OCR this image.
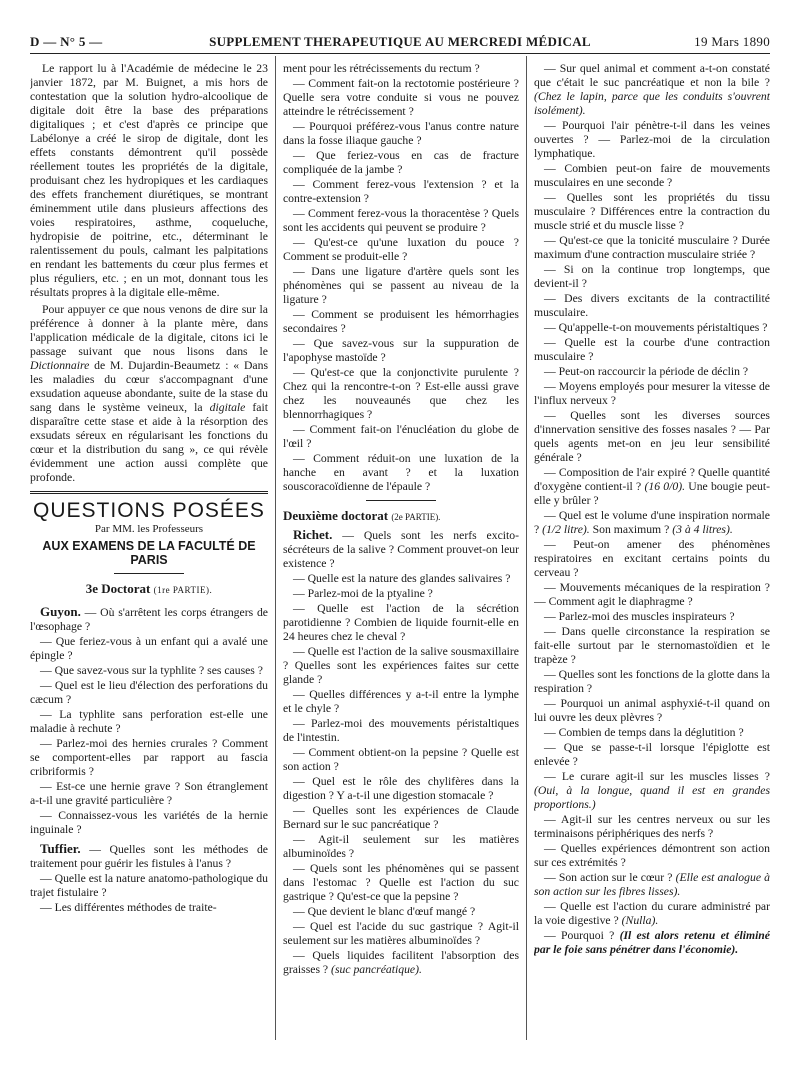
D — N° 5 —	SUPPLEMENT THERAPEUTIQUE AU MERCREDI MÉDICAL	19 Mars 1890

Le rapport lu à l'Académie de médecine le 23 janvier 1872, par M. Buignet, a mis hors de contestation que la solution hydro-alcoolique de digitale doit être la base des préparations digitaliques ; et c'est d'après ce principe que Labélonye a créé le sirop de digitale, dont les effets constants démontrent qu'il possède réellement toutes les propriétés de la digitale, produisant chez les hydropiques et les cardiaques des effets franchement diurétiques, se montrant éminemment utile dans plusieurs affections des voies respiratoires, asthme, coqueluche, hydropisie de poitrine, etc., déterminant le ralentissement du pouls, calmant les palpitations en rendant les battements du cœur plus fermes et plus réguliers, etc. ; en un mot, donnant tous les résultats propres à la digitale elle-même.

Pour appuyer ce que nous venons de dire sur la préférence à donner à la plante mère, dans l'application médicale de la digitale, citons ici le passage suivant que nous lisons dans le Dictionnaire de M. Dujardin-Beaumetz : « Dans les maladies du cœur s'accompagnant d'une exsudation aqueuse abondante, suite de la stase du sang dans le système veineux, la digitale fait disparaître cette stase et aide à la résorption des exsudats séreux en régularisant les fonctions du cœur et la distribution du sang », ce qui révèle évidemment une action aussi complète que profonde.

QUESTIONS POSÉES
Par MM. les Professeurs
AUX EXAMENS DE LA FACULTÉ DE PARIS
3e Doctorat (1re PARTIE).

Guyon. — Où s'arrêtent les corps étrangers de l'œsophage ?

— Que feriez-vous à un enfant qui a avalé une épingle ?

— Que savez-vous sur la typhlite ? ses causes ?

— Quel est le lieu d'élection des perforations du cæcum ?

— La typhlite sans perforation est-elle une maladie à rechute ?

— Parlez-moi des hernies crurales ? Comment se comportent-elles par rapport au fascia cribriformis ?

— Est-ce une hernie grave ? Son étranglement a-t-il une gravité particulière ?

— Connaissez-vous les variétés de la hernie inguinale ?

Tuffier. — Quelles sont les méthodes de traitement pour guérir les fistules à l'anus ?

— Quelle est la nature anatomo-pathologique du trajet fistulaire ?

— Les différentes méthodes de traite-

ment pour les rétrécissements du rectum ?

— Comment fait-on la rectotomie postérieure ? Quelle sera votre conduite si vous ne pouvez atteindre le rétrécissement ?

— Pourquoi préférez-vous l'anus contre nature dans la fosse iliaque gauche ?

— Que feriez-vous en cas de fracture compliquée de la jambe ?

— Comment ferez-vous l'extension ? et la contre-extension ?

— Comment ferez-vous la thoracentèse ? Quels sont les accidents qui peuvent se produire ?

— Qu'est-ce qu'une luxation du pouce ? Comment se produit-elle ?

— Dans une ligature d'artère quels sont les phénomènes qui se passent au niveau de la ligature ?

— Comment se produisent les hémorrhagies secondaires ?

— Que savez-vous sur la suppuration de l'apophyse mastoïde ?

— Qu'est-ce que la conjonctivite purulente ? Chez qui la rencontre-t-on ? Est-elle aussi grave chez les nouveaunés que chez les blennorrhagiques ?

— Comment fait-on l'énucléation du globe de l'œil ?

— Comment réduit-on une luxation de la hanche en avant ? et la luxation souscoracoïdienne de l'épaule ?

Deuxième doctorat (2e PARTIE).

Richet. — Quels sont les nerfs excito-sécréteurs de la salive ? Comment prouvet-on leur existence ?

— Quelle est la nature des glandes salivaires ?

— Parlez-moi de la ptyaline ?

— Quelle est l'action de la sécrétion parotidienne ? Combien de liquide fournit-elle en 24 heures chez le cheval ?

— Quelle est l'action de la salive sousmaxillaire ? Quelles sont les expériences faites sur cette glande ?

— Quelles différences y a-t-il entre la lymphe et le chyle ?

— Parlez-moi des mouvements péristaltiques de l'intestin.

— Comment obtient-on la pepsine ? Quelle est son action ?

— Quel est le rôle des chylifères dans la digestion ? Y a-t-il une digestion stomacale ?

— Quelles sont les expériences de Claude Bernard sur le suc pancréatique ?

— Agit-il seulement sur les matières albuminoïdes ?

— Quels sont les phénomènes qui se passent dans l'estomac ? Quelle est l'action du suc gastrique ? Qu'est-ce que la pepsine ?

— Que devient le blanc d'œuf mangé ?

— Quel est l'acide du suc gastrique ? Agit-il seulement sur les matières albuminoïdes ?

— Quels liquides facilitent l'absorption des graisses ? (suc pancréatique).

— Sur quel animal et comment a-t-on constaté que c'était le suc pancréatique et non la bile ? (Chez le lapin, parce que les conduits s'ouvrent isolément).

— Pourquoi l'air pénètre-t-il dans les veines ouvertes ? — Parlez-moi de la circulation lymphatique.

— Combien peut-on faire de mouvements musculaires en une seconde ?

— Quelles sont les propriétés du tissu musculaire ? Différences entre la contraction du muscle strié et du muscle lisse ?

— Qu'est-ce que la tonicité musculaire ? Durée maximum d'une contraction musculaire striée ?

— Si on la continue trop longtemps, que devient-il ?

— Des divers excitants de la contractilité musculaire.

— Qu'appelle-t-on mouvements péristaltiques ?

— Quelle est la courbe d'une contraction musculaire ?

— Peut-on raccourcir la période de déclin ?

— Moyens employés pour mesurer la vitesse de l'influx nerveux ?

— Quelles sont les diverses sources d'innervation sensitive des fosses nasales ? — Par quels agents met-on en jeu leur sensibilité générale ?

— Composition de l'air expiré ? Quelle quantité d'oxygène contient-il ? (16 0/0). Une bougie peut-elle y brûler ?

— Quel est le volume d'une inspiration normale ? (1/2 litre). Son maximum ? (3 à 4 litres).

— Peut-on amener des phénomènes respiratoires en excitant certains points du cerveau ?

— Mouvements mécaniques de la respiration ? — Comment agit le diaphragme ?

— Parlez-moi des muscles inspirateurs ?

— Dans quelle circonstance la respiration se fait-elle surtout par le sternomastoïdien et le trapèze ?

— Quelles sont les fonctions de la glotte dans la respiration ?

— Pourquoi un animal asphyxié-t-il quand on lui ouvre les deux plèvres ?

— Combien de temps dans la déglutition ?

— Que se passe-t-il lorsque l'épiglotte est enlevée ?

— Le curare agit-il sur les muscles lisses ? (Oui, à la longue, quand il est en grandes proportions.)

— Agit-il sur les centres nerveux ou sur les terminaisons périphériques des nerfs ?

— Quelles expériences démontrent son action sur ces extrémités ?

— Son action sur le cœur ? (Elle est analogue à son action sur les fibres lisses).

— Quelle est l'action du curare administré par la voie digestive ? (Nulla).

— Pourquoi ? (Il est alors retenu et éliminé par le foie sans pénétrer dans l'économie).
